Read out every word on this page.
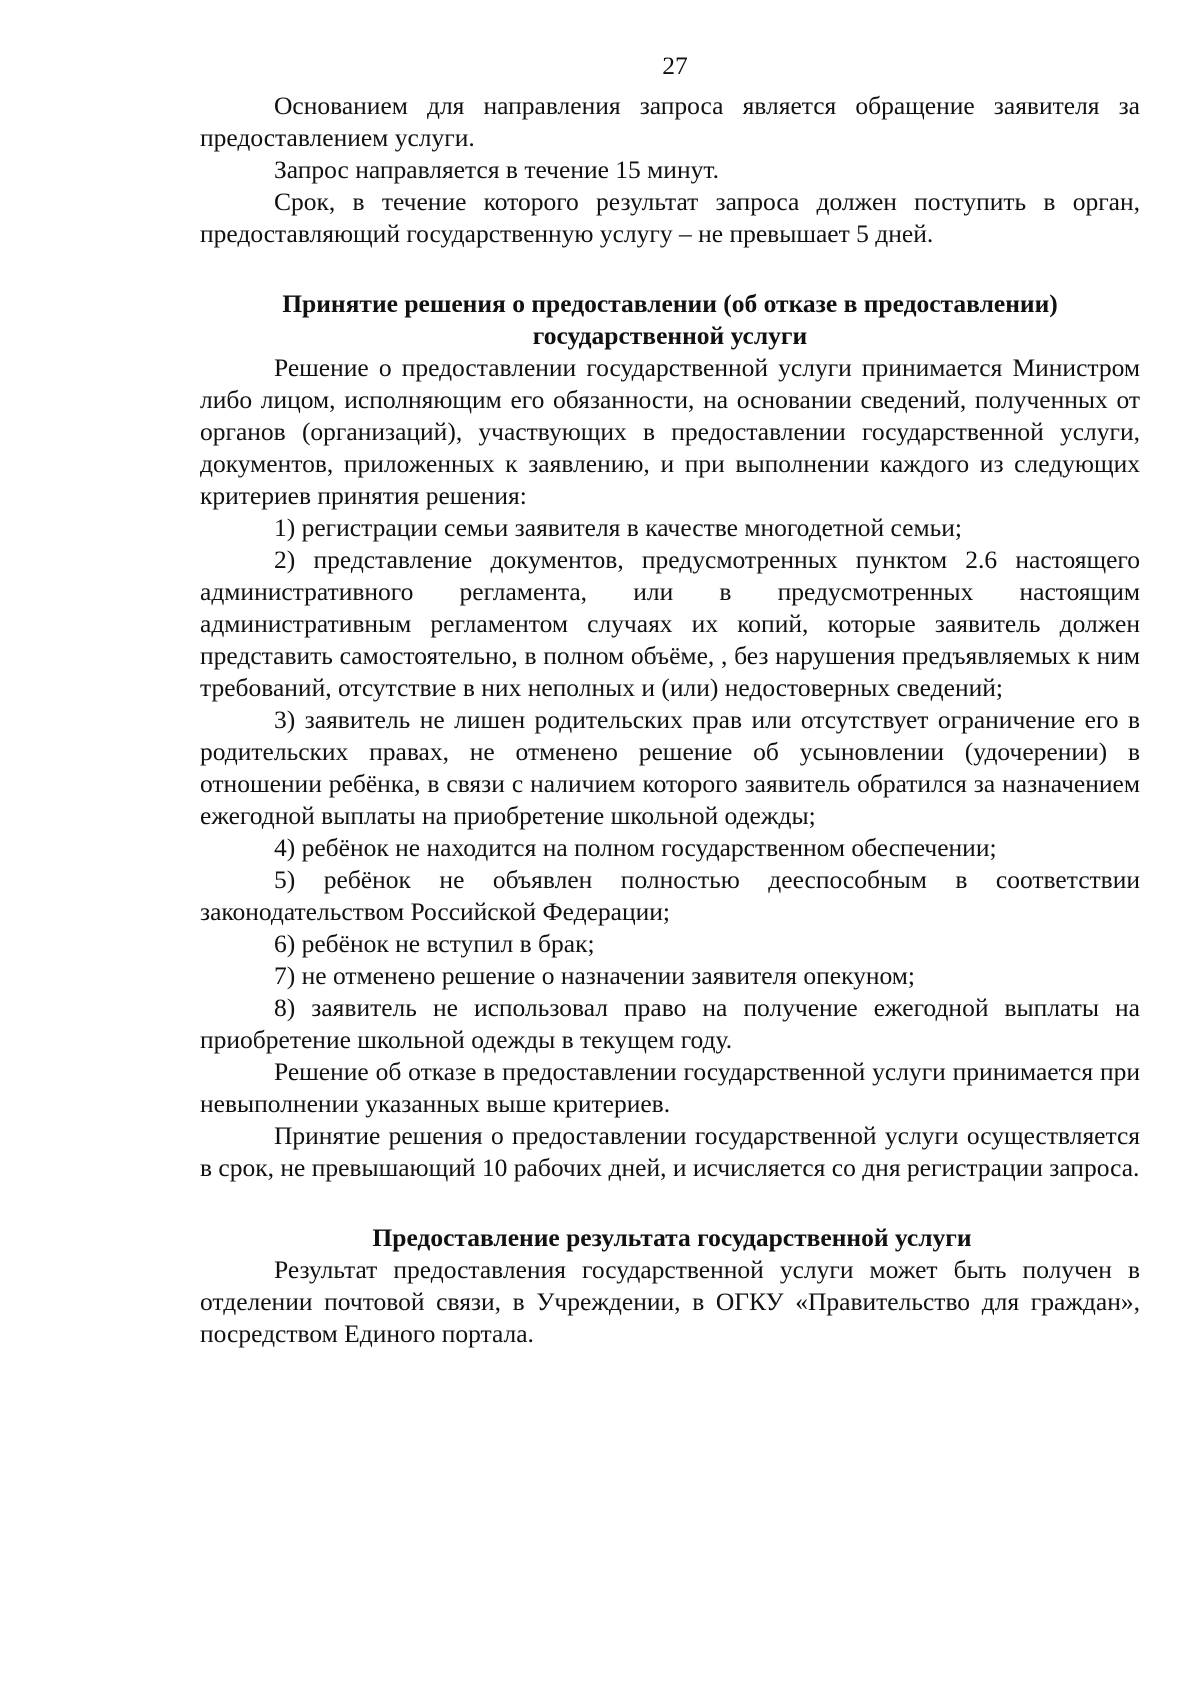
27

Основанием для направления запроса является обращение заявителя за предоставлением услуги.

Запрос направляется в течение 15 минут.

Срок, в течение которого результат запроса должен поступить в орган, предоставляющий государственную услугу – не превышает 5 дней.

Принятие решения о предоставлении (об отказе в предоставлении) государственной услуги

Решение о предоставлении государственной услуги принимается Министром либо лицом, исполняющим его обязанности, на основании сведений, полученных от органов (организаций), участвующих в предоставлении государственной услуги, документов, приложенных к заявлению, и при выполнении каждого из следующих критериев принятия решения:

1) регистрации семьи заявителя в качестве многодетной семьи;

2) представление документов, предусмотренных пунктом 2.6 настоящего административного регламента, или в предусмотренных настоящим административным регламентом случаях их копий, которые заявитель должен представить самостоятельно, в полном объёме, , без нарушения предъявляемых к ним требований, отсутствие в них неполных и (или) недостоверных сведений;

3) заявитель не лишен родительских прав или отсутствует ограничение его в родительских правах, не отменено решение об усыновлении (удочерении) в отношении ребёнка, в связи с наличием которого заявитель обратился за назначением ежегодной выплаты на приобретение школьной одежды;

4) ребёнок не находится на полном государственном обеспечении;

5) ребёнок не объявлен полностью дееспособным в соответствии законодательством Российской Федерации;

6) ребёнок не вступил в брак;

7) не отменено решение о назначении заявителя опекуном;

8) заявитель не использовал право на получение ежегодной выплаты на приобретение школьной одежды в текущем году.

Решение об отказе в предоставлении государственной услуги принимается при невыполнении указанных выше критериев.

Принятие решения о предоставлении государственной услуги осуществляется в срок, не превышающий 10 рабочих дней, и исчисляется со дня регистрации запроса.

Предоставление результата государственной услуги

Результат предоставления государственной услуги может быть получен в отделении почтовой связи, в Учреждении, в ОГКУ «Правительство для граждан», посредством Единого портала.
